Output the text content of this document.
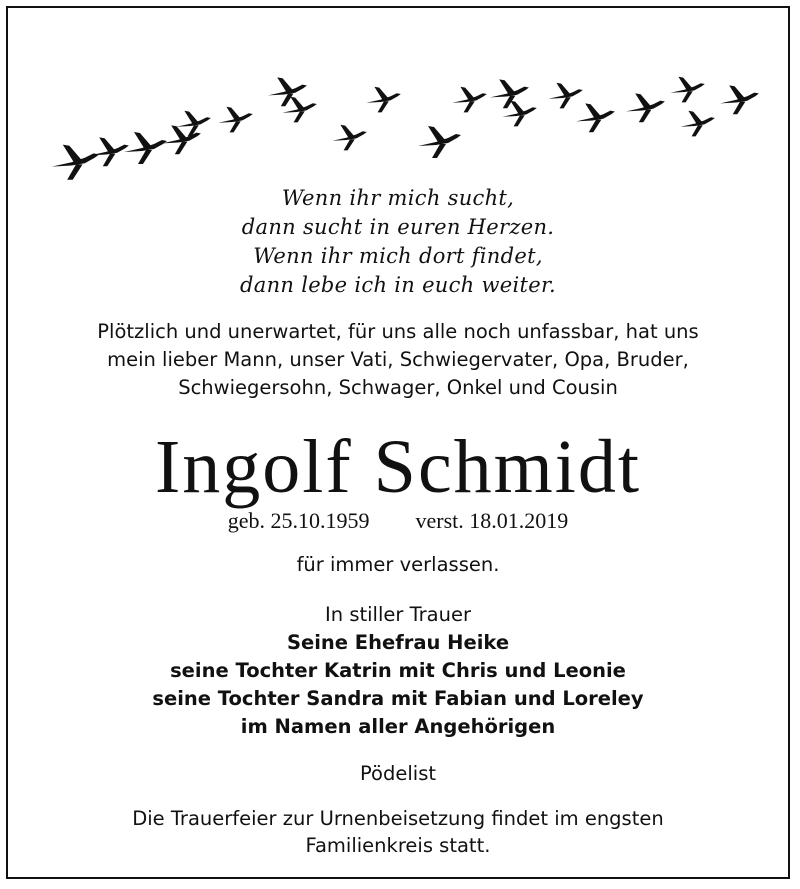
Wenn ihr mich sucht,
dann sucht in euren Herzen.
Wenn ihr mich dort findet,
dann lebe ich in euch weiter.
Plötzlich und unerwartet, für uns alle noch unfassbar, hat uns
mein lieber Mann, unser Vati, Schwiegervater, Opa, Bruder,
Schwiegersohn, Schwager, Onkel und Cousin
Ingolf Schmidt
geb. 25.10.1959 verst. 18.01.2019
für immer verlassen.
In stiller Trauer
Seine Ehefrau Heike
seine Tochter Katrin mit Chris und Leonie
seine Tochter Sandra mit Fabian und Loreley
im Namen aller Angehörigen
Pödelist
Die Trauerfeier zur Urnenbeisetzung findet im engsten
Familienkreis statt.
